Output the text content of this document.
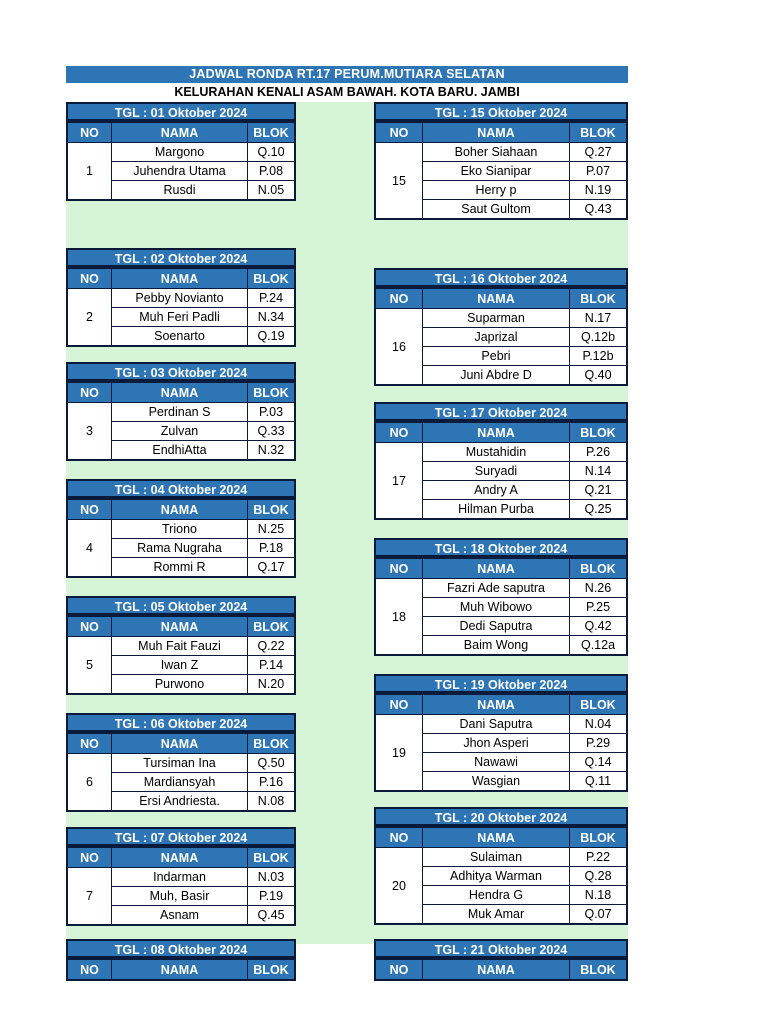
JADWAL RONDA RT.17 PERUM.MUTIARA SELATAN
KELURAHAN KENALI ASAM BAWAH. KOTA BARU. JAMBI
TGL : 01 Oktober 2024
NO	NAMA	BLOK
1	Margono	Q.10
	Juhendra Utama	P.08
	Rusdi	N.05
TGL : 02 Oktober 2024
NO	NAMA	BLOK
2	Pebby Novianto	P.24
	Muh Feri Padli	N.34
	Soenarto	Q.19
TGL : 03 Oktober 2024
NO	NAMA	BLOK
3	Perdinan S	P.03
	Zulvan	Q.33
	EndhiAtta	N.32
TGL : 04 Oktober 2024
NO	NAMA	BLOK
4	Triono	N.25
	Rama Nugraha	P.18
	Rommi R	Q.17
TGL : 05 Oktober 2024
NO	NAMA	BLOK
5	Muh Fait Fauzi	Q.22
	Iwan Z	P.14
	Purwono	N.20
TGL : 06 Oktober 2024
NO	NAMA	BLOK
6	Tursiman Ina	Q.50
	Mardiansyah	P.16
	Ersi Andriesta.	N.08
TGL : 07 Oktober 2024
NO	NAMA	BLOK
7	Indarman	N.03
	Muh, Basir	P.19
	Asnam	Q.45
TGL : 08 Oktober 2024
NO	NAMA	BLOK
TGL : 15 Oktober 2024
NO	NAMA	BLOK
15	Boher Siahaan	Q.27
	Eko Sianipar	P.07
	Herry p	N.19
	Saut Gultom	Q.43
TGL : 16 Oktober 2024
NO	NAMA	BLOK
16	Suparman	N.17
	Japrizal	Q.12b
	Pebri	P.12b
	Juni Abdre D	Q.40
TGL : 17 Oktober 2024
NO	NAMA	BLOK
17	Mustahidin	P.26
	Suryadi	N.14
	Andry A	Q.21
	Hilman Purba	Q.25
TGL : 18 Oktober 2024
NO	NAMA	BLOK
18	Fazri Ade saputra	N.26
	Muh Wibowo	P.25
	Dedi Saputra	Q.42
	Baim Wong	Q.12a
TGL : 19 Oktober 2024
NO	NAMA	BLOK
19	Dani Saputra	N.04
	Jhon Asperi	P.29
	Nawawi	Q.14
	Wasgian	Q.11
TGL : 20 Oktober 2024
NO	NAMA	BLOK
20	Sulaiman	P.22
	Adhitya Warman	Q.28
	Hendra G	N.18
	Muk Amar	Q.07
TGL : 21 Oktober 2024
NO	NAMA	BLOK
